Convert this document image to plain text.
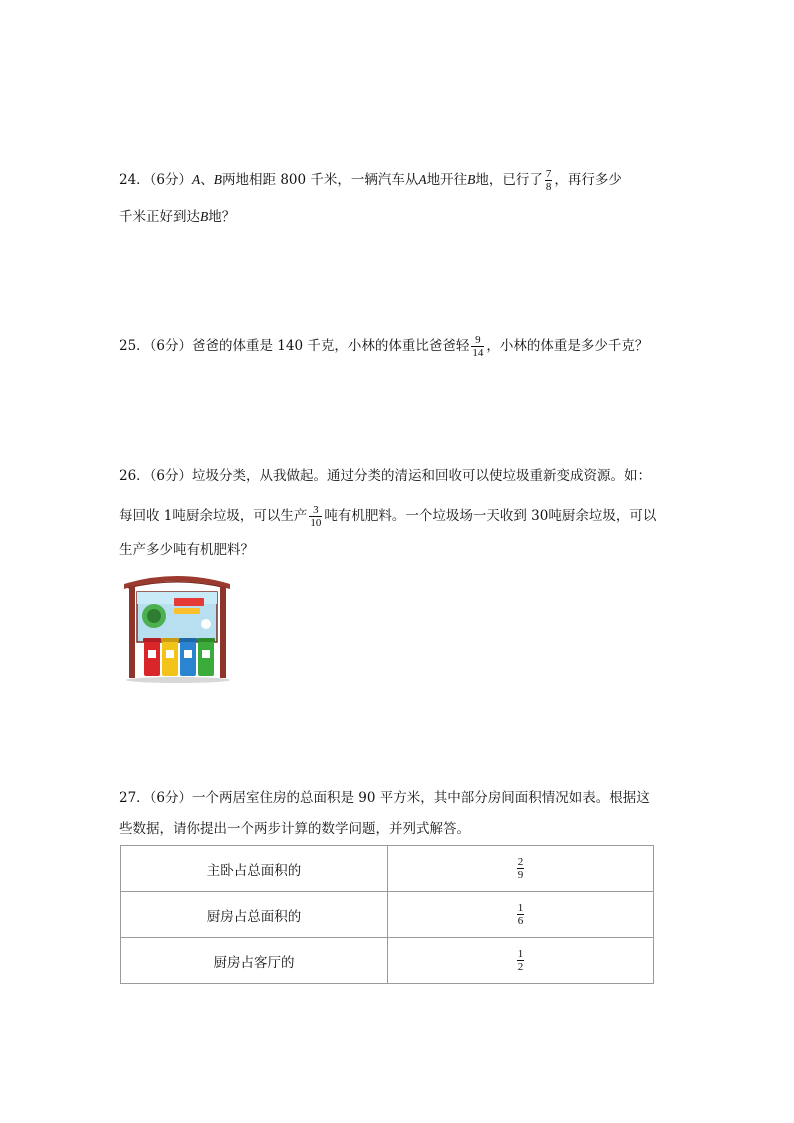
24．（6分）A、B两地相距 800 千米，一辆汽车从A地开往B地，已行了 $\frac{7}{8}$ ，再行多少
千米正好到达B地？
25．（6分）爸爸的体重是 140 千克，小林的体重比爸爸轻 $\frac{9}{14}$ ，小林的体重是多少千克？
26．（6分）垃圾分类，从我做起。通过分类的清运和回收可以使垃圾重新变成资源。如：
每回收 1吨厨余垃圾，可以生产 $\frac{3}{10}$ 吨有机肥料。一个垃圾场一天收到 30吨厨余垃圾，可以
生产多少吨有机肥料？
27．（6分）一个两居室住房的总面积是 90 平方米，其中部分房间面积情况如表。根据这
些数据，请你提出一个两步计算的数学问题，并列式解答。
主卧占总面积的	$\frac{2}{9}$

厨房占总面积的	$\frac{1}{6}$

厨房占客厅的	$\frac{1}{2}$
